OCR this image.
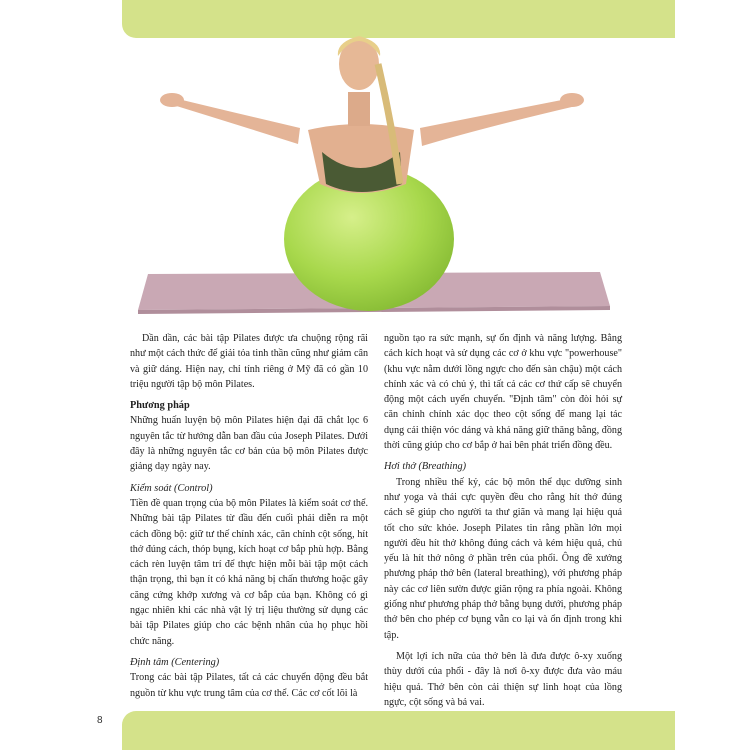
Dần dần, các bài tập Pilates được ưa chuộng rộng rãi như một cách thức để giải tỏa tinh thần cũng như giảm cân và giữ dáng. Hiện nay, chỉ tính riêng ở Mỹ đã có gần 10 triệu người tập bộ môn Pilates.

Phương pháp

Những huấn luyện bộ môn Pilates hiện đại đã chắt lọc 6 nguyên tắc từ hướng dẫn ban đầu của Joseph Pilates. Dưới đây là những nguyên tắc cơ bản của bộ môn Pilates được giảng dạy ngày nay.

Kiểm soát (Control)

Tiền đề quan trọng của bộ môn Pilates là kiểm soát cơ thể. Những bài tập Pilates từ đầu đến cuối phải diễn ra một cách đồng bộ: giữ tư thế chính xác, căn chỉnh cột sống, hít thở đúng cách, thóp bụng, kích hoạt cơ bắp phù hợp. Bằng cách rèn luyện tâm trí để thực hiện mỗi bài tập một cách thận trọng, thì bạn ít có khả năng bị chấn thương hoặc gây căng cứng khớp xương và cơ bắp của bạn. Không có gì ngạc nhiên khi các nhà vật lý trị liệu thường sử dụng các bài tập Pilates giúp cho các bệnh nhân của họ phục hồi chức năng.

Định tâm (Centering)

Trong các bài tập Pilates, tất cả các chuyển động đều bắt nguồn từ khu vực trung tâm của cơ thể. Các cơ cốt lõi là

nguồn tạo ra sức mạnh, sự ổn định và năng lượng. Bằng cách kích hoạt và sử dụng các cơ ở khu vực "powerhouse" (khu vực nằm dưới lồng ngực cho đến sàn chậu) một cách chính xác và có chủ ý, thì tất cả các cơ thứ cấp sẽ chuyển động một cách uyển chuyển. "Định tâm" còn đòi hỏi sự căn chỉnh chính xác dọc theo cột sống để mang lại tác dụng cải thiện vóc dáng và khả năng giữ thăng bằng, đồng thời cũng giúp cho cơ bắp ở hai bên phát triển đồng đều.

Hơi thở (Breathing)

Trong nhiều thế kỷ, các bộ môn thể dục dưỡng sinh như yoga và thái cực quyền đều cho rằng hít thở đúng cách sẽ giúp cho người ta thư giãn và mang lại hiệu quả tốt cho sức khỏe. Joseph Pilates tin rằng phần lớn mọi người đều hít thở không đúng cách và kém hiệu quả, chủ yếu là hít thở nông ở phần trên của phổi. Ông đề xướng phương pháp thở bên (lateral breathing), với phương pháp này các cơ liên sườn được giãn rộng ra phía ngoài. Không giống như phương pháp thở bằng bụng dưới, phương pháp thở bên cho phép cơ bụng vẫn co lại và ổn định trong khi tập.

Một lợi ích nữa của thở bên là đưa được ô-xy xuống thùy dưới của phổi - đây là nơi ô-xy được đưa vào máu hiệu quả. Thở bên còn cải thiện sự linh hoạt của lồng ngực, cột sống và bả vai.

8
